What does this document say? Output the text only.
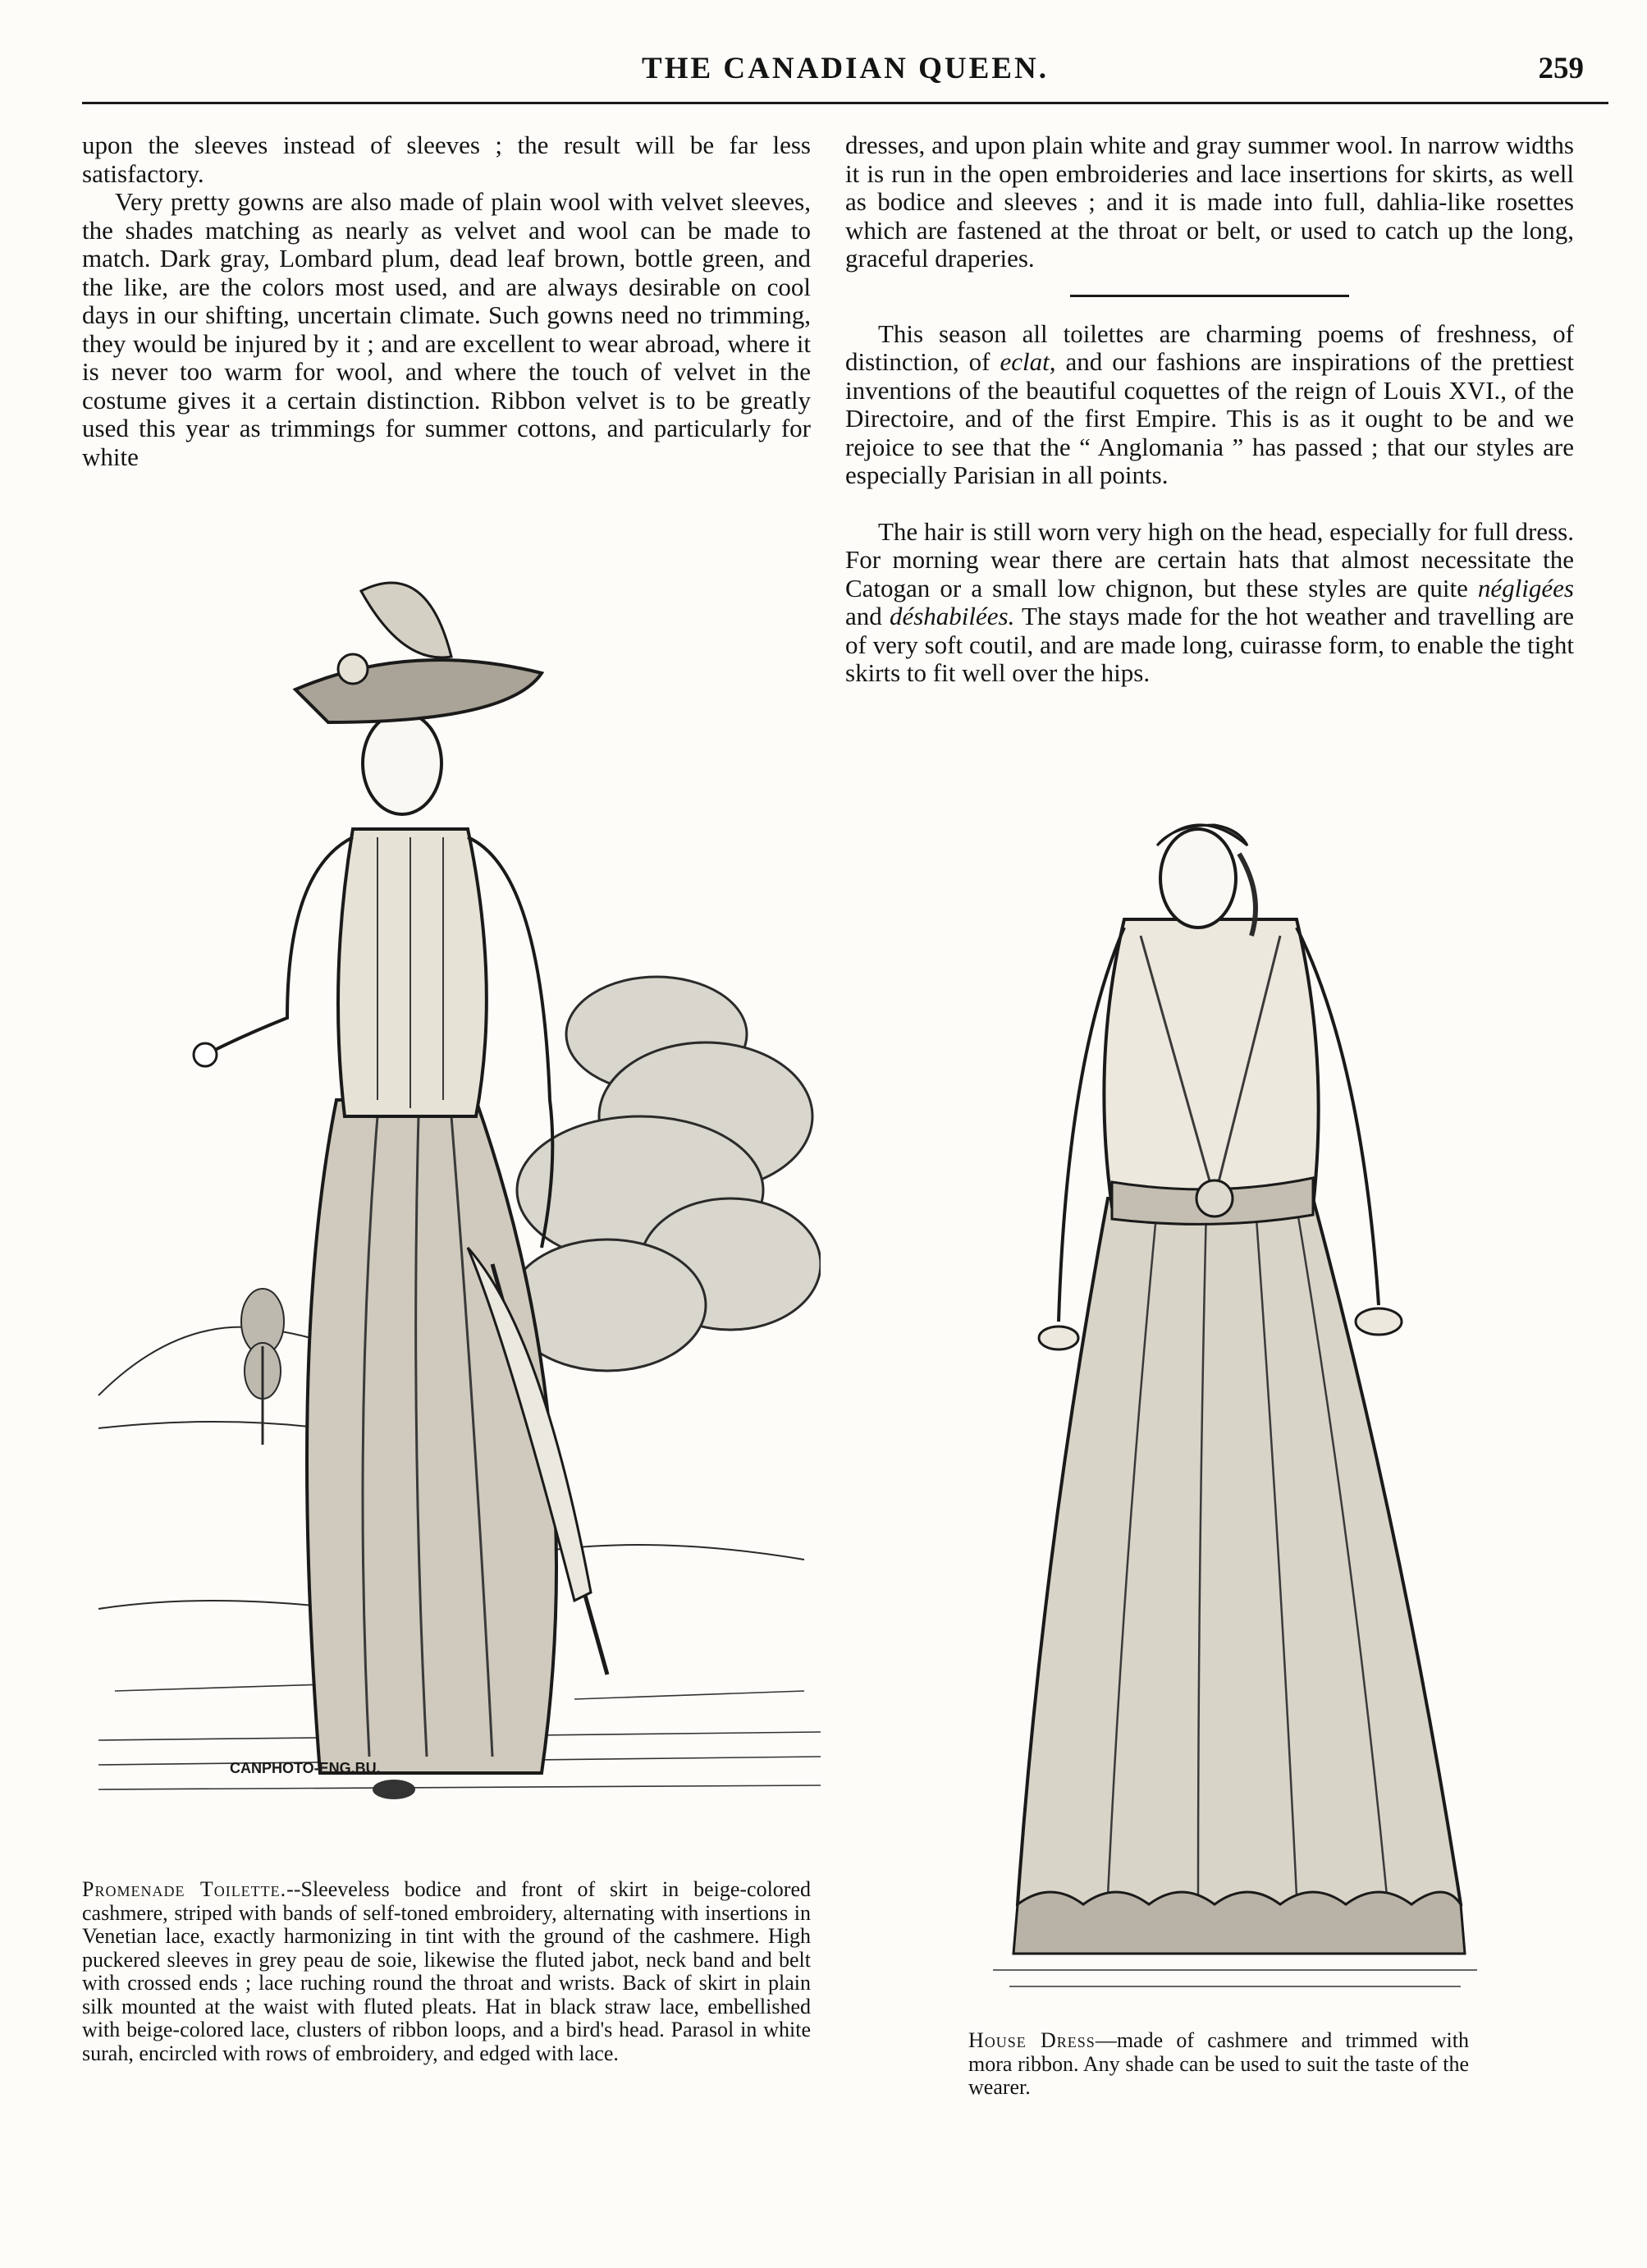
THE CANADIAN QUEEN.	259

upon the sleeves instead of sleeves ; the result will be far less satisfactory.

Very pretty gowns are also made of plain wool with velvet sleeves, the shades matching as nearly as velvet and wool can be made to match. Dark gray, Lombard plum, dead leaf brown, bottle green, and the like, are the colors most used, and are always desirable on cool days in our shifting, uncertain climate. Such gowns need no trimming, they would be injured by it ; and are excellent to wear abroad, where it is never too warm for wool, and where the touch of velvet in the costume gives it a certain distinction. Ribbon velvet is to be greatly used this year as trimmings for summer cottons, and particularly for white

dresses, and upon plain white and gray summer wool. In narrow widths it is run in the open embroideries and lace insertions for skirts, as well as bodice and sleeves ; and it is made into full, dahlia-like rosettes which are fastened at the throat or belt, or used to catch up the long, graceful draperies.

This season all toilettes are charming poems of freshness, of distinction, of eclat, and our fashions are inspirations of the prettiest inventions of the beautiful coquettes of the reign of Louis XVI., of the Directoire, and of the first Empire. This is as it ought to be and we rejoice to see that the “ Anglomania ” has passed ; that our styles are especially Parisian in all points.

The hair is still worn very high on the head, especially for full dress. For morning wear there are certain hats that almost necessitate the Catogan or a small low chignon, but these styles are quite négligées and déshabilées. The stays made for the hot weather and travelling are of very soft coutil, and are made long, cuirasse form, to enable the tight skirts to fit well over the hips.

CANPHOTO-ENG.BU.
Promenade Toilette.--Sleeveless bodice and front of skirt in beige-colored cashmere, striped with bands of self-toned embroidery, alternating with insertions in Venetian lace, exactly harmonizing in tint with the ground of the cashmere. High puckered sleeves in grey peau de soie, likewise the fluted jabot, neck band and belt with crossed ends ; lace ruching round the throat and wrists. Back of skirt in plain silk mounted at the waist with fluted pleats. Hat in black straw lace, embellished with beige-colored lace, clusters of ribbon loops, and a bird's head. Parasol in white surah, encircled with rows of embroidery, and edged with lace.
House Dress—made of cashmere and trimmed with mora ribbon. Any shade can be used to suit the taste of the wearer.
